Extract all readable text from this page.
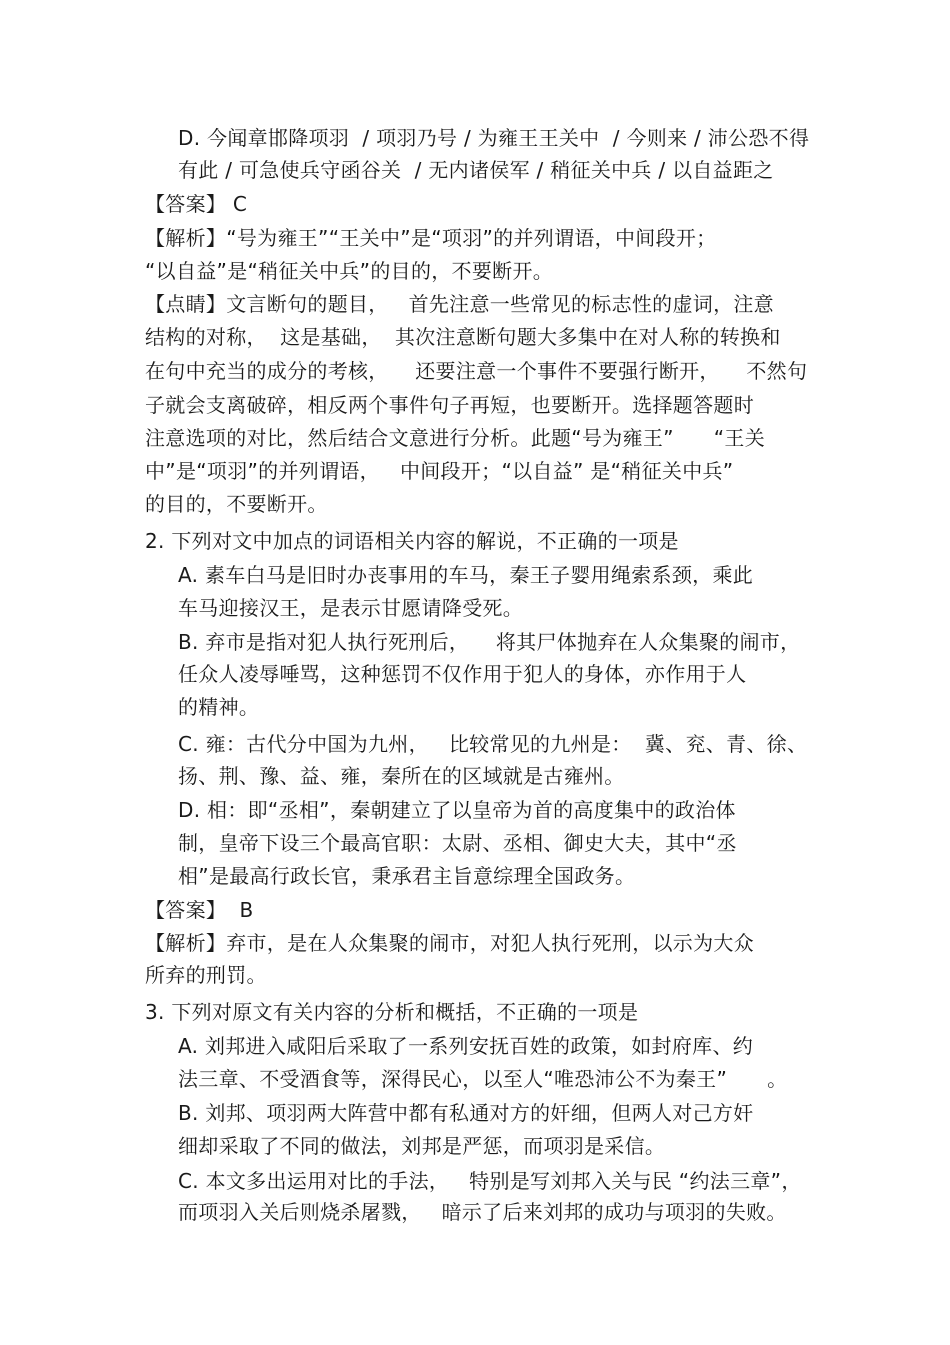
D. 今闻章邯降项羽  / 项羽乃号 / 为雍王王关中  / 今则来 / 沛公恐不得
有此 / 可急使兵守函谷关  / 无内诸侯军 / 稍征关中兵 / 以自益距之
【答案】 C
【解析】“号为雍王”“王关中”是“项羽”的并列谓语，中间段开；
“以自益”是“稍征关中兵”的目的，不要断开。
【点睛】文言断句的题目，   首先注意一些常见的标志性的虚词，注意
结构的对称，  这是基础，  其次注意断句题大多集中在对人称的转换和
在句中充当的成分的考核，    还要注意一个事件不要强行断开，    不然句
子就会支离破碎，相反两个事件句子再短，也要断开。选择题答题时
注意选项的对比，然后结合文意进行分析。此题“号为雍王”      “王关
中”是“项羽”的并列谓语，   中间段开；“以自益” 是“稍征关中兵”
的目的，不要断开。
2. 下列对文中加点的词语相关内容的解说，不正确的一项是
A. 素车白马是旧时办丧事用的车马，秦王子婴用绳索系颈，乘此
车马迎接汉王，是表示甘愿请降受死。
B. 弃市是指对犯人执行死刑后，    将其尸体抛弃在人众集聚的闹市，
任众人凌辱唾骂，这种惩罚不仅作用于犯人的身体，亦作用于人
的精神。
C. 雍：古代分中国为九州，   比较常见的九州是：  冀、兖、青、徐、
扬、荆、豫、益、雍，秦所在的区域就是古雍州。
D. 相：即“丞相”，秦朝建立了以皇帝为首的高度集中的政治体
制，皇帝下设三个最高官职：太尉、丞相、御史大夫，其中“丞
相”是最高行政长官，秉承君主旨意综理全国政务。
【答案】  B
【解析】弃市，是在人众集聚的闹市，对犯人执行死刑，以示为大众
所弃的刑罚。
3. 下列对原文有关内容的分析和概括，不正确的一项是
A. 刘邦进入咸阳后采取了一系列安抚百姓的政策，如封府库、约
法三章、不受酒食等，深得民心，以至人“唯恐沛公不为秦王”      。
B. 刘邦、项羽两大阵营中都有私通对方的奸细，但两人对己方奸
细却采取了不同的做法，刘邦是严惩，而项羽是采信。
C. 本文多出运用对比的手法，   特别是写刘邦入关与民 “约法三章”，
而项羽入关后则烧杀屠戮，   暗示了后来刘邦的成功与项羽的失败。
